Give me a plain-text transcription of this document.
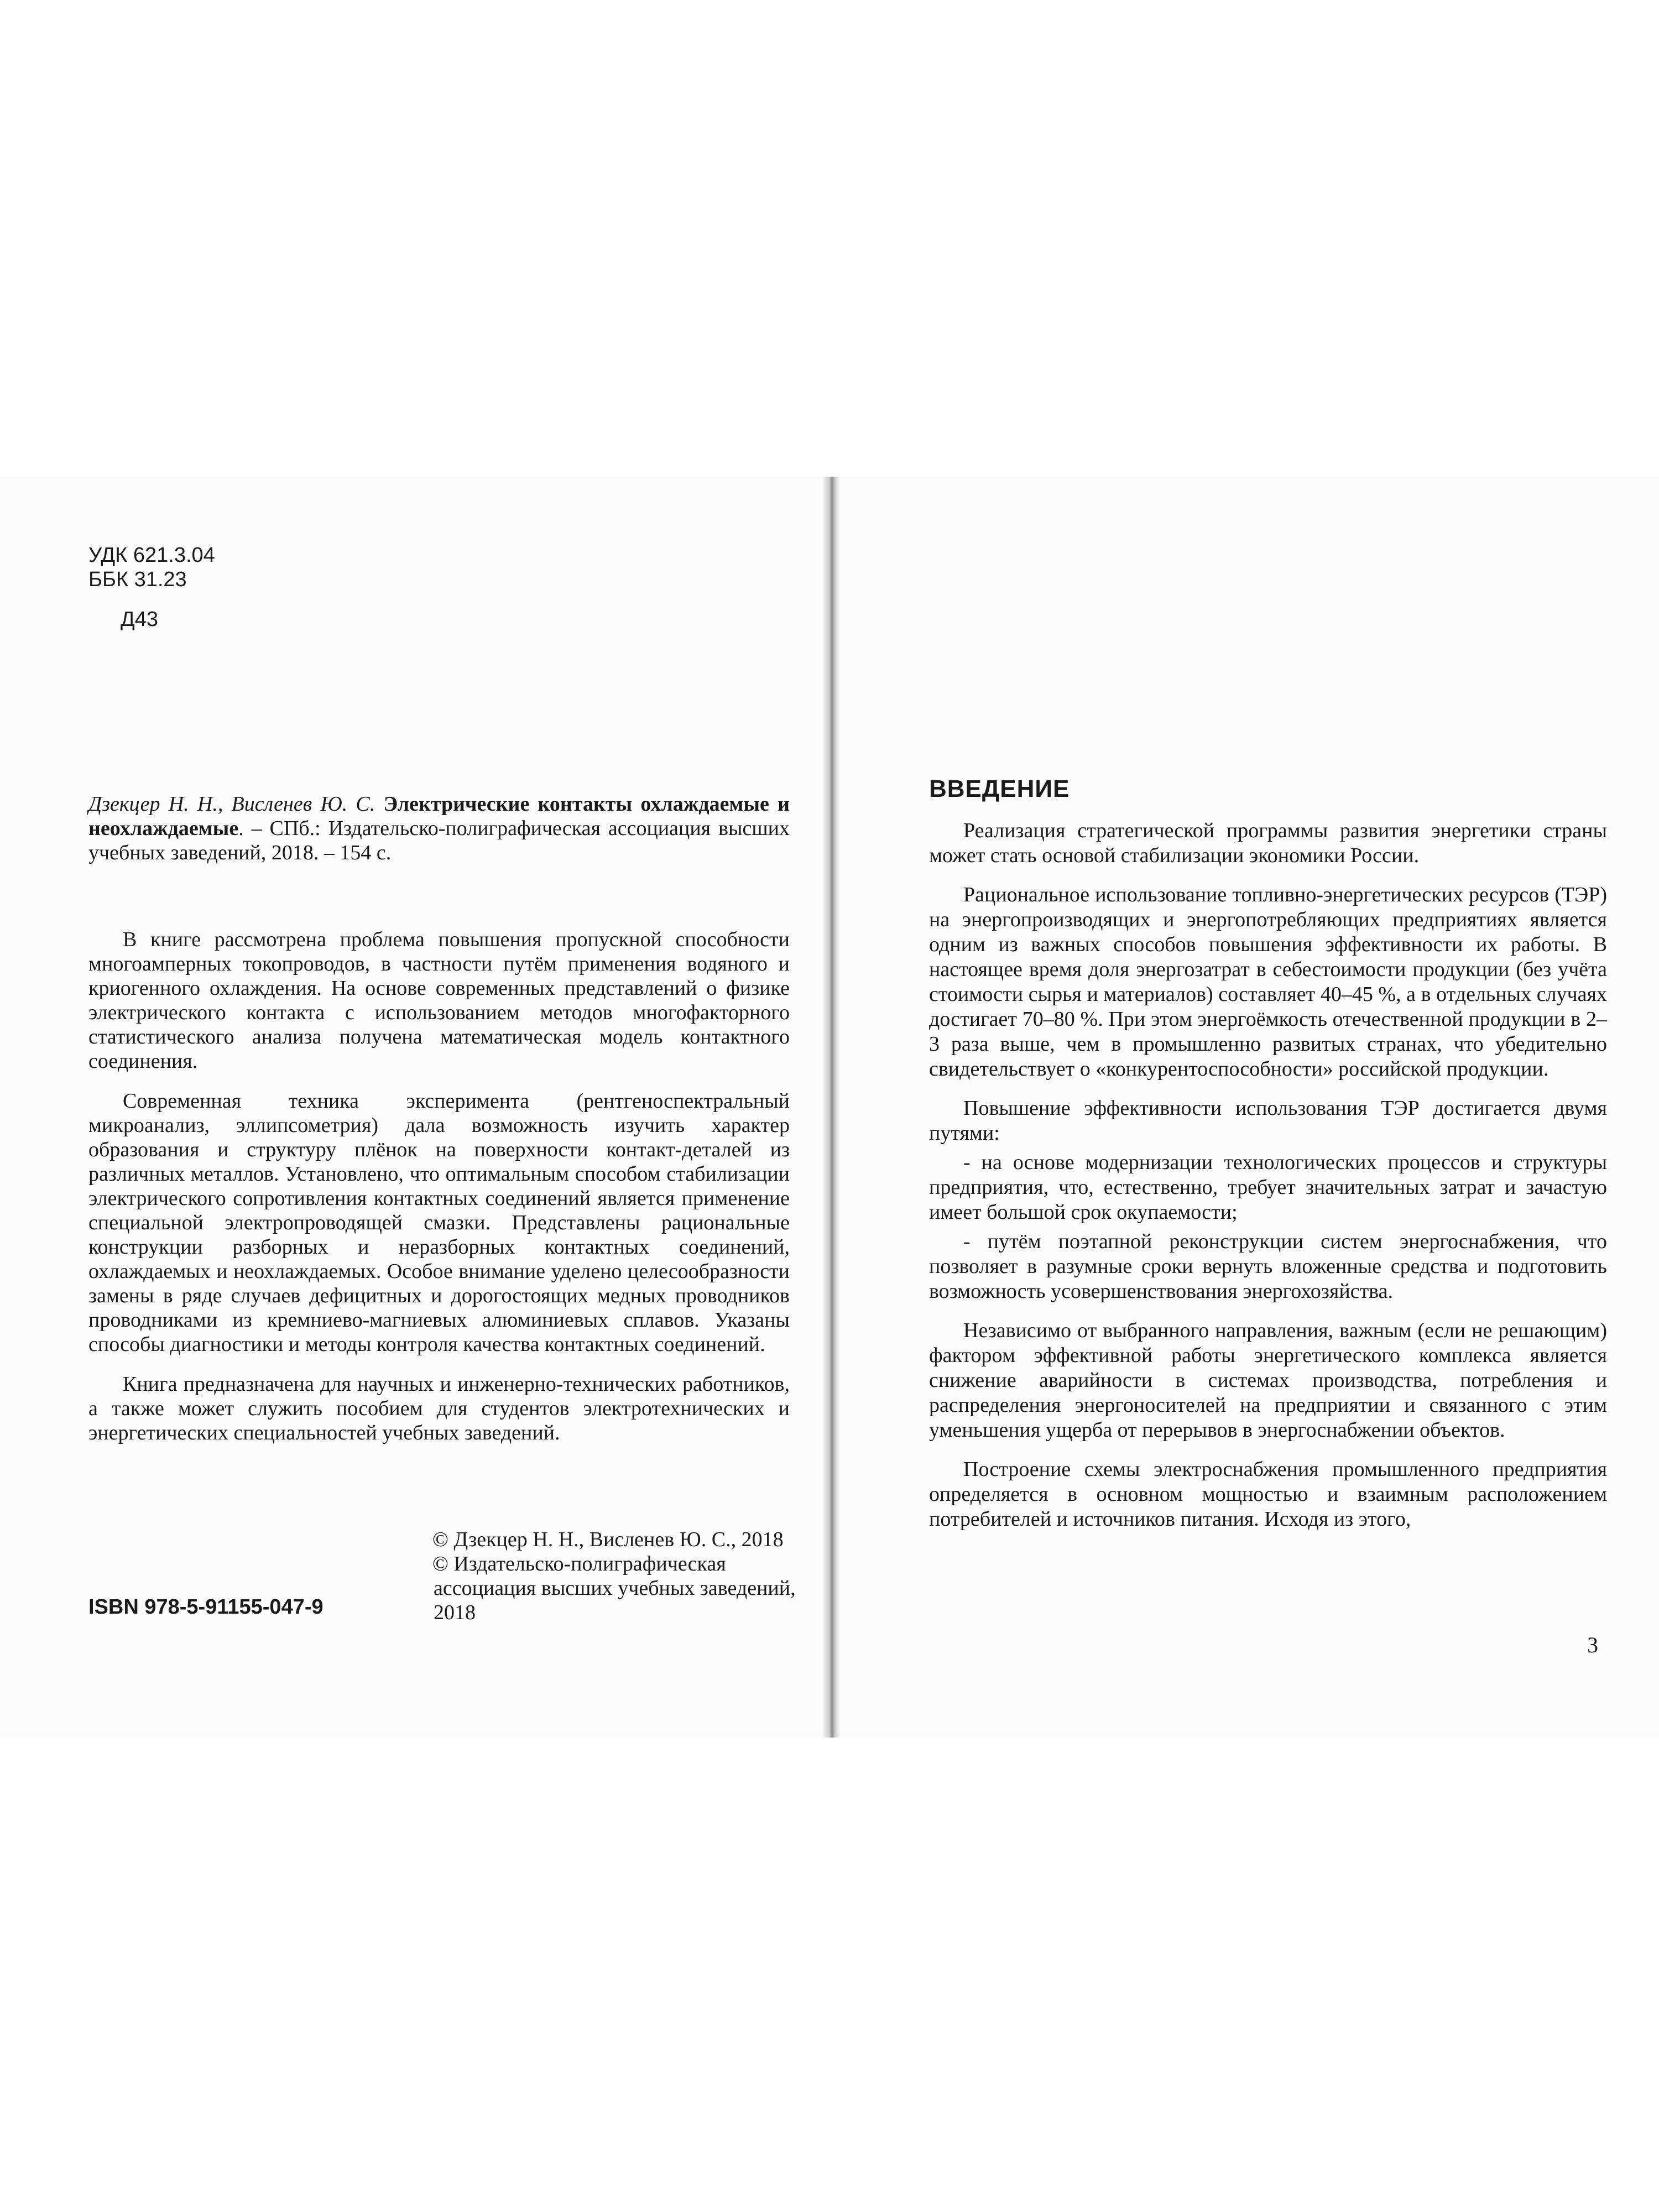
УДК 621.3.04
ББК 31.23
Д43

Дзекцер Н. Н., Висленев Ю. С. Электрические контакты охлаждаемые и неохлаждаемые. – СПб.: Издательско-полиграфическая ассоциация высших учебных заведений, 2018. – 154 с.

В книге рассмотрена проблема повышения пропускной способности многоамперных токопроводов, в частности путём применения водяного и криогенного охлаждения. На основе современных представлений о физике электрического контакта с использованием методов многофакторного статистического анализа получена математическая модель контактного соединения.

Современная техника эксперимента (рентгеноспектральный микроанализ, эллипсометрия) дала возможность изучить характер образования и структуру плёнок на поверхности контакт-деталей из различных металлов. Установлено, что оптимальным способом стабилизации электрического сопротивления контактных соединений является применение специальной электропроводящей смазки. Представлены рациональные конструкции разборных и неразборных контактных соединений, охлаждаемых и неохлаждаемых. Особое внимание уделено целесообразности замены в ряде случаев дефицитных и дорогостоящих медных проводников проводниками из кремниево-магниевых алюминиевых сплавов. Указаны способы диагностики и методы контроля качества контактных соединений.

Книга предназначена для научных и инженерно-технических работников, а также может служить пособием для студентов электротехнических и энергетических специальностей учебных заведений.

© Дзекцер Н. Н., Висленев Ю. С., 2018
© Издательско-полиграфическая
ассоциация высших учебных заведений,
2018
ISBN 978-5-91155-047-9
ВВЕДЕНИЕ

Реализация стратегической программы развития энергетики страны может стать основой стабилизации экономики России.

Рациональное использование топливно-энергетических ресурсов (ТЭР) на энергопроизводящих и энергопотребляющих предприятиях является одним из важных способов повышения эффективности их работы. В настоящее время доля энергозатрат в себестоимости продукции (без учёта стоимости сырья и материалов) составляет 40–45 %, а в отдельных случаях достигает 70–80 %. При этом энергоёмкость отечественной продукции в 2–3 раза выше, чем в промышленно развитых странах, что убедительно свидетельствует о «конкурентоспособности» российской продукции.

Повышение эффективности использования ТЭР достигается двумя путями:

- на основе модернизации технологических процессов и структуры предприятия, что, естественно, требует значительных затрат и зачастую имеет большой срок окупаемости;

- путём поэтапной реконструкции систем энергоснабжения, что позволяет в разумные сроки вернуть вложенные средства и подготовить возможность усовершенствования энергохозяйства.

Независимо от выбранного направления, важным (если не решающим) фактором эффективной работы энергетического комплекса является снижение аварийности в системах производства, потребления и распределения энергоносителей на предприятии и связанного с этим уменьшения ущерба от перерывов в энергоснабжении объектов.

Построение схемы электроснабжения промышленного предприятия определяется в основном мощностью и взаимным расположением потребителей и источников питания. Исходя из этого,

3
